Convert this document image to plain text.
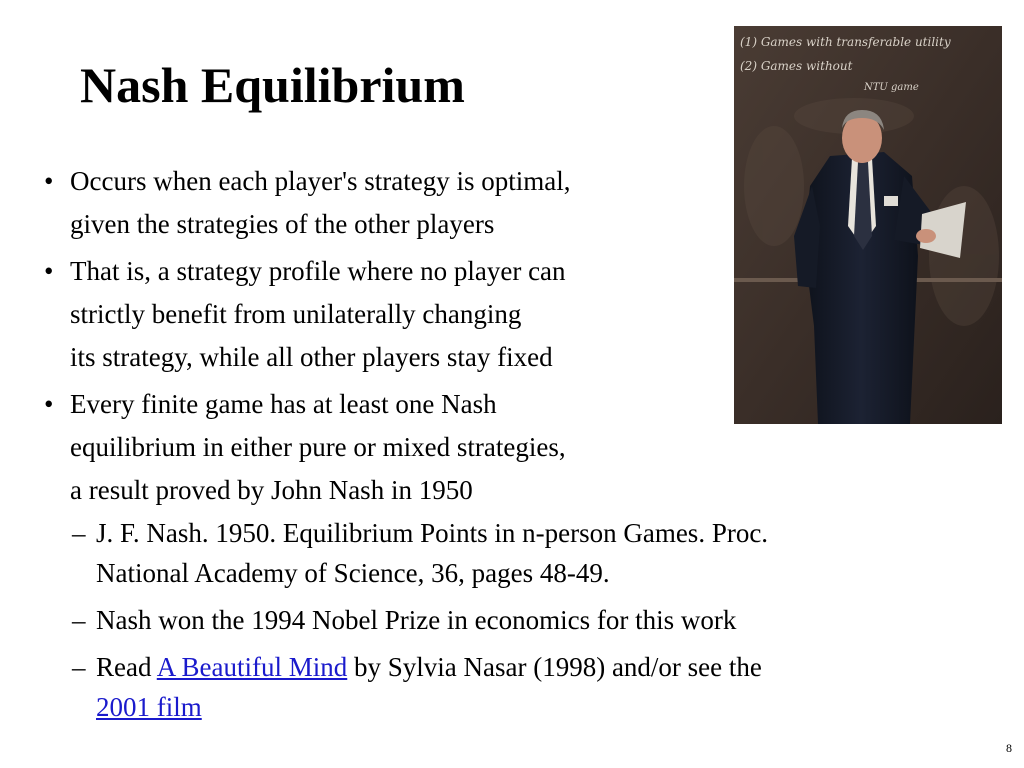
Nash Equilibrium
• Occurs when each player's strategy is optimal,
given the strategies of the other players
• That is, a strategy profile where no player can
strictly benefit from unilaterally changing
its strategy, while all other players stay fixed
• Every finite game has at least one Nash
equilibrium in either pure or mixed strategies,
a result proved by John Nash in 1950
– J. F. Nash. 1950. Equilibrium Points in n-person Games. Proc.
National Academy of Science, 36, pages 48-49.
– Nash won the 1994 Nobel Prize in economics for this work
– Read A Beautiful Mind by Sylvia Nasar (1998) and/or see the
2001 film
(1) Games with transferable utility
(2) Games without
NTU game
8
